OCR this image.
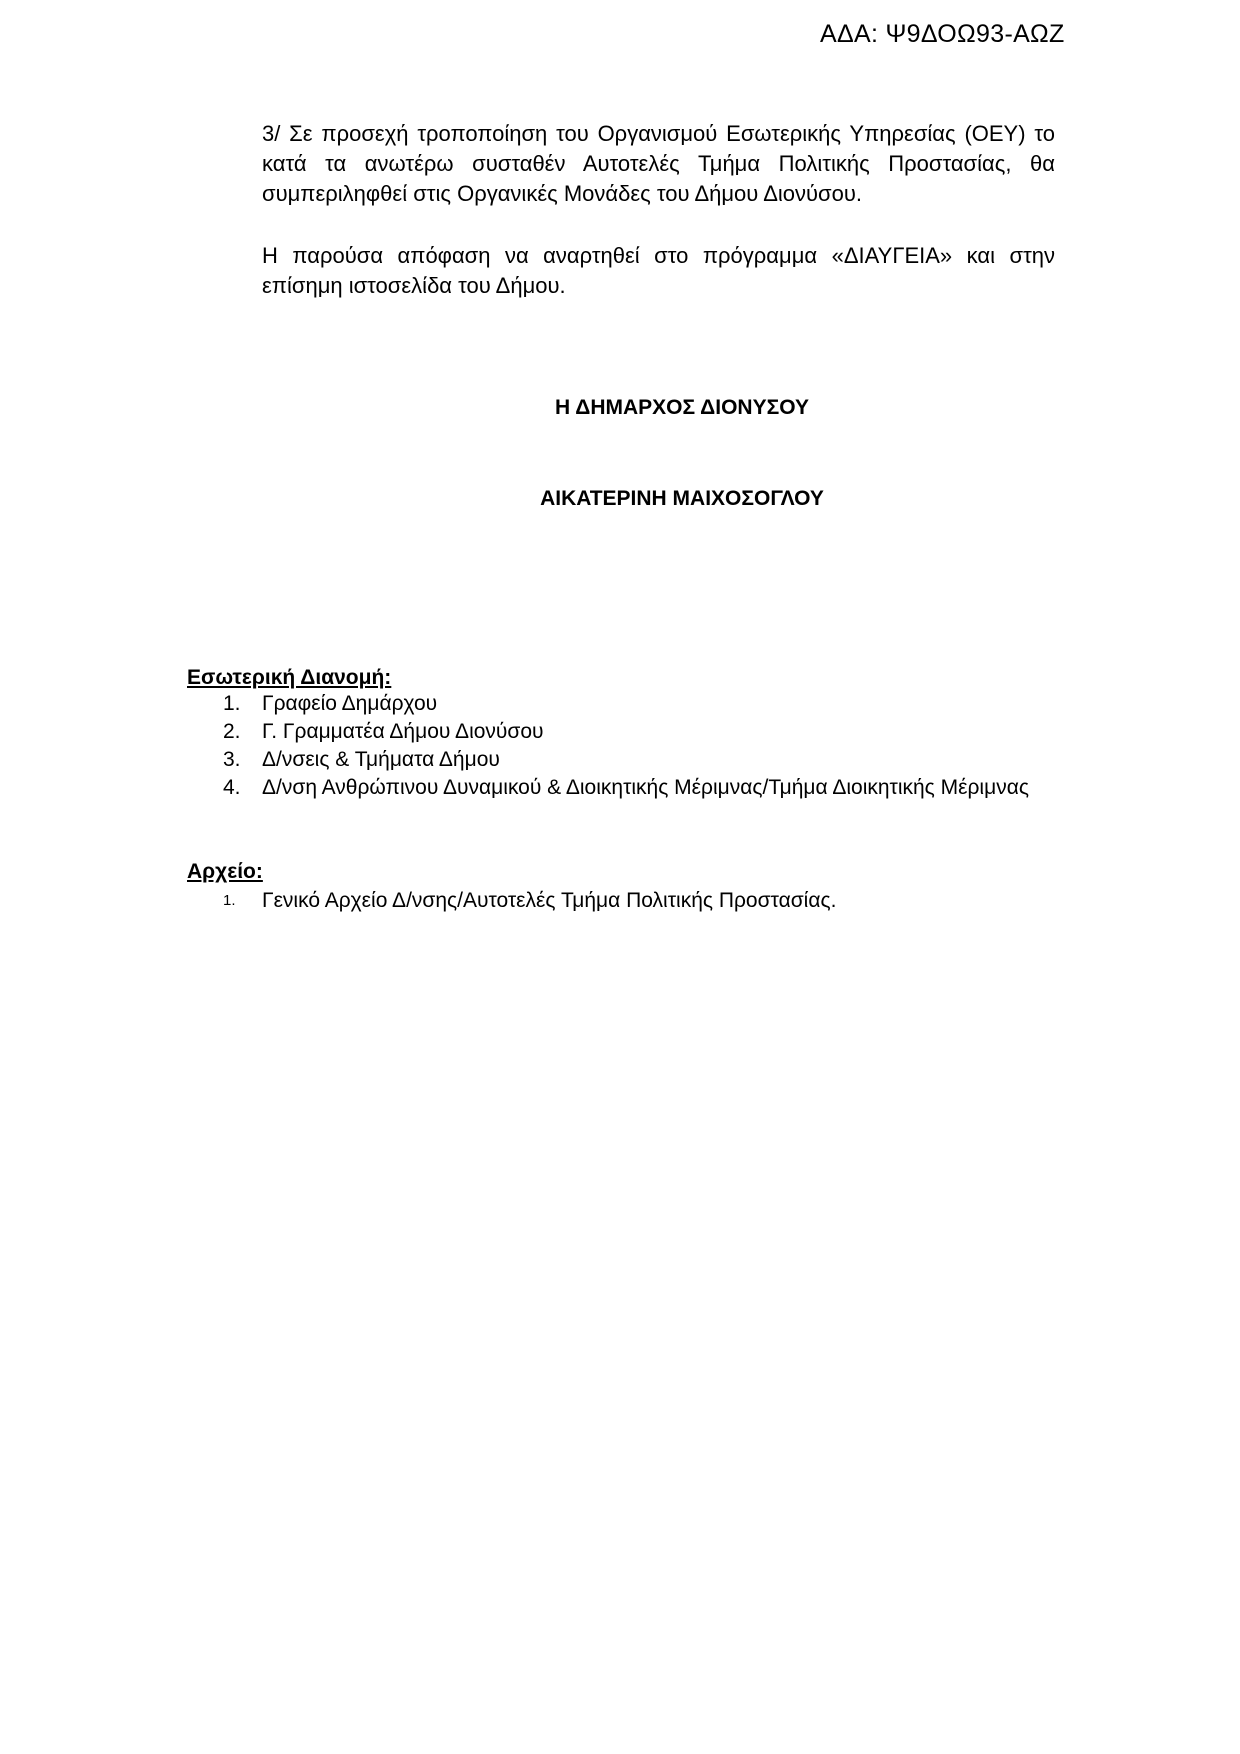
ΑΔΑ: Ψ9ΔΟΩ93-ΑΩΖ
3/ Σε προσεχή τροποποίηση του Οργανισμού Εσωτερικής Υπηρεσίας (ΟΕΥ) το κατά τα ανωτέρω συσταθέν Αυτοτελές Τμήμα Πολιτικής Προστασίας, θα συμπεριληφθεί στις Οργανικές Μονάδες του Δήμου Διονύσου.
Η παρούσα απόφαση να αναρτηθεί στο πρόγραμμα «ΔΙΑΥΓΕΙΑ» και στην επίσημη ιστοσελίδα του Δήμου.
Η ΔΗΜΑΡΧΟΣ ΔΙΟΝΥΣΟΥ
ΑΙΚΑΤΕΡΙΝΗ ΜΑΙΧΟΣΟΓΛΟΥ
Εσωτερική Διανομή:
1. Γραφείο Δημάρχου
2. Γ. Γραμματέα Δήμου Διονύσου
3. Δ/νσεις & Τμήματα Δήμου
4. Δ/νση Ανθρώπινου Δυναμικού & Διοικητικής Μέριμνας/Τμήμα Διοικητικής Μέριμνας
Αρχείο:
1. Γενικό Αρχείο Δ/νσης/Αυτοτελές Τμήμα Πολιτικής Προστασίας.
